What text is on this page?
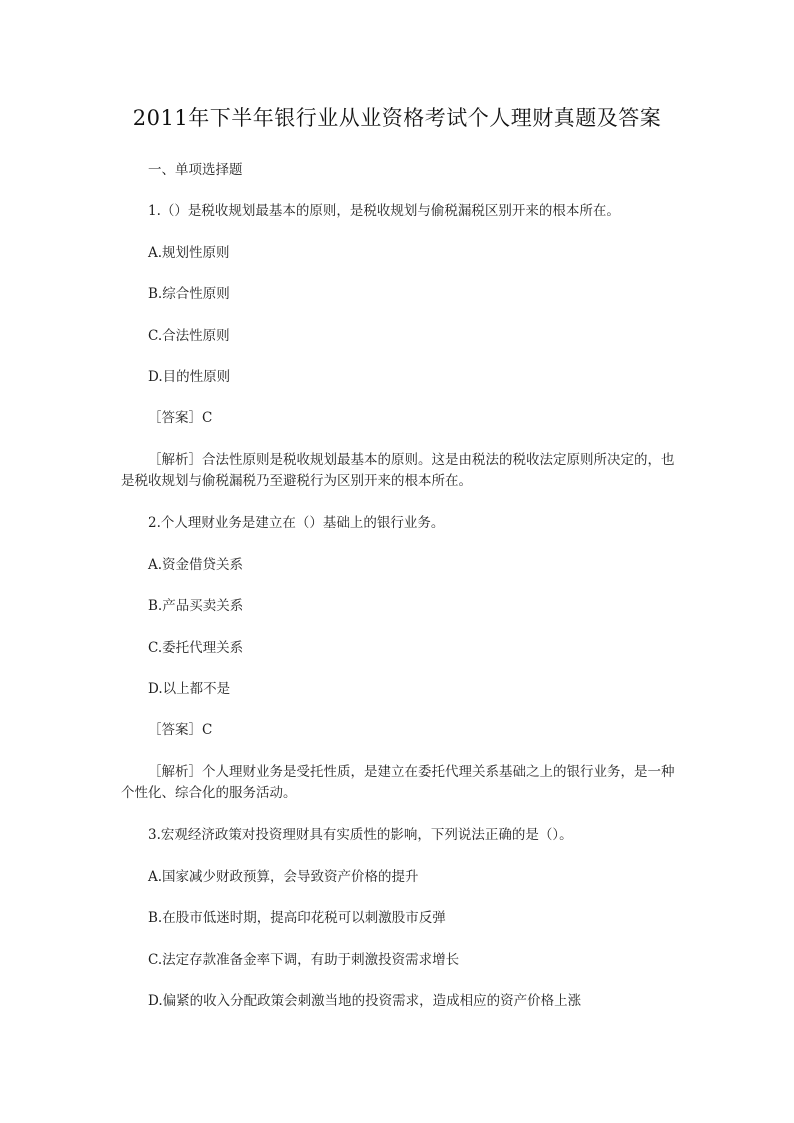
2011年下半年银行业从业资格考试个人理财真题及答案
一、单项选择题
1.（）是税收规划最基本的原则，是税收规划与偷税漏税区别开来的根本所在。
A.规划性原则
B.综合性原则
C.合法性原则
D.目的性原则
［答案］C
［解析］合法性原则是税收规划最基本的原则。这是由税法的税收法定原则所决定的，也是税收规划与偷税漏税乃至避税行为区别开来的根本所在。
2.个人理财业务是建立在（）基础上的银行业务。
A.资金借贷关系
B.产品买卖关系
C.委托代理关系
D.以上都不是
［答案］C
［解析］个人理财业务是受托性质，是建立在委托代理关系基础之上的银行业务，是一种个性化、综合化的服务活动。
3.宏观经济政策对投资理财具有实质性的影响，下列说法正确的是（）。
A.国家减少财政预算，会导致资产价格的提升
B.在股市低迷时期，提高印花税可以刺激股市反弹
C.法定存款准备金率下调，有助于刺激投资需求增长
D.偏紧的收入分配政策会刺激当地的投资需求，造成相应的资产价格上涨
